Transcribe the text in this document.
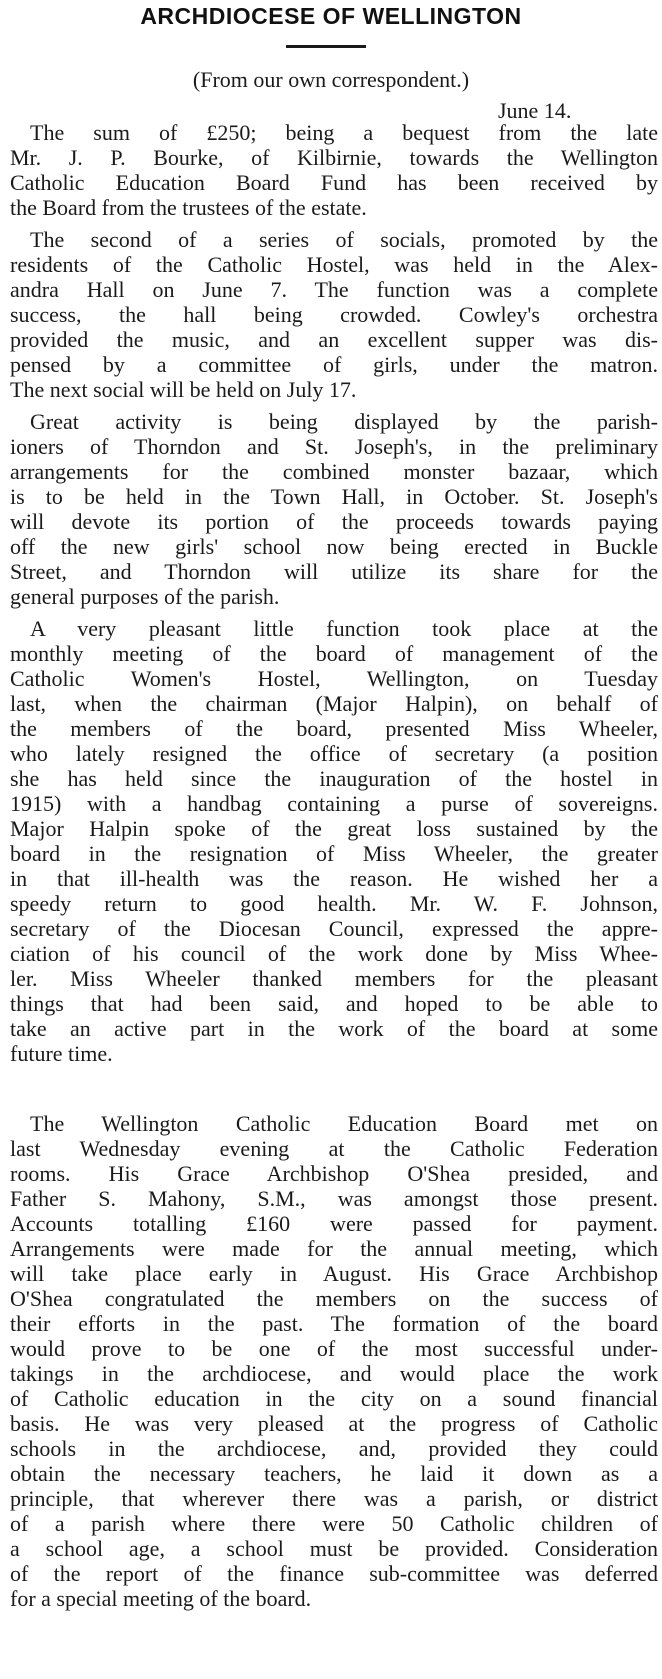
ARCHDIOCESE OF WELLINGTON
(From our own correspondent.)
June 14.
The sum of £250; being a bequest from the late
Mr. J. P. Bourke, of Kilbirnie, towards the Wellington
Catholic Education Board Fund has been received by
the Board from the trustees of the estate.
The second of a series of socials, promoted by the
residents of the Catholic Hostel, was held in the Alex-
andra Hall on June 7. The function was a complete
success, the hall being crowded. Cowley's orchestra
provided the music, and an excellent supper was dis-
pensed by a committee of girls, under the matron.
The next social will be held on July 17.
Great activity is being displayed by the parish-
ioners of Thorndon and St. Joseph's, in the preliminary
arrangements for the combined monster bazaar, which
is to be held in the Town Hall, in October. St. Joseph's
will devote its portion of the proceeds towards paying
off the new girls' school now being erected in Buckle
Street, and Thorndon will utilize its share for the
general purposes of the parish.
A very pleasant little function took place at the
monthly meeting of the board of management of the
Catholic Women's Hostel, Wellington, on Tuesday
last, when the chairman (Major Halpin), on behalf of
the members of the board, presented Miss Wheeler,
who lately resigned the office of secretary (a position
she has held since the inauguration of the hostel in
1915) with a handbag containing a purse of sovereigns.
Major Halpin spoke of the great loss sustained by the
board in the resignation of Miss Wheeler, the greater
in that ill-health was the reason. He wished her a
speedy return to good health. Mr. W. F. Johnson,
secretary of the Diocesan Council, expressed the appre-
ciation of his council of the work done by Miss Whee-
ler. Miss Wheeler thanked members for the pleasant
things that had been said, and hoped to be able to
take an active part in the work of the board at some
future time.
The Wellington Catholic Education Board met on
last Wednesday evening at the Catholic Federation
rooms. His Grace Archbishop O'Shea presided, and
Father S. Mahony, S.M., was amongst those present.
Accounts totalling £160 were passed for payment.
Arrangements were made for the annual meeting, which
will take place early in August. His Grace Archbishop
O'Shea congratulated the members on the success of
their efforts in the past. The formation of the board
would prove to be one of the most successful under-
takings in the archdiocese, and would place the work
of Catholic education in the city on a sound financial
basis. He was very pleased at the progress of Catholic
schools in the archdiocese, and, provided they could
obtain the necessary teachers, he laid it down as a
principle, that wherever there was a parish, or district
of a parish where there were 50 Catholic children of
a school age, a school must be provided. Consideration
of the report of the finance sub-committee was deferred
for a special meeting of the board.
